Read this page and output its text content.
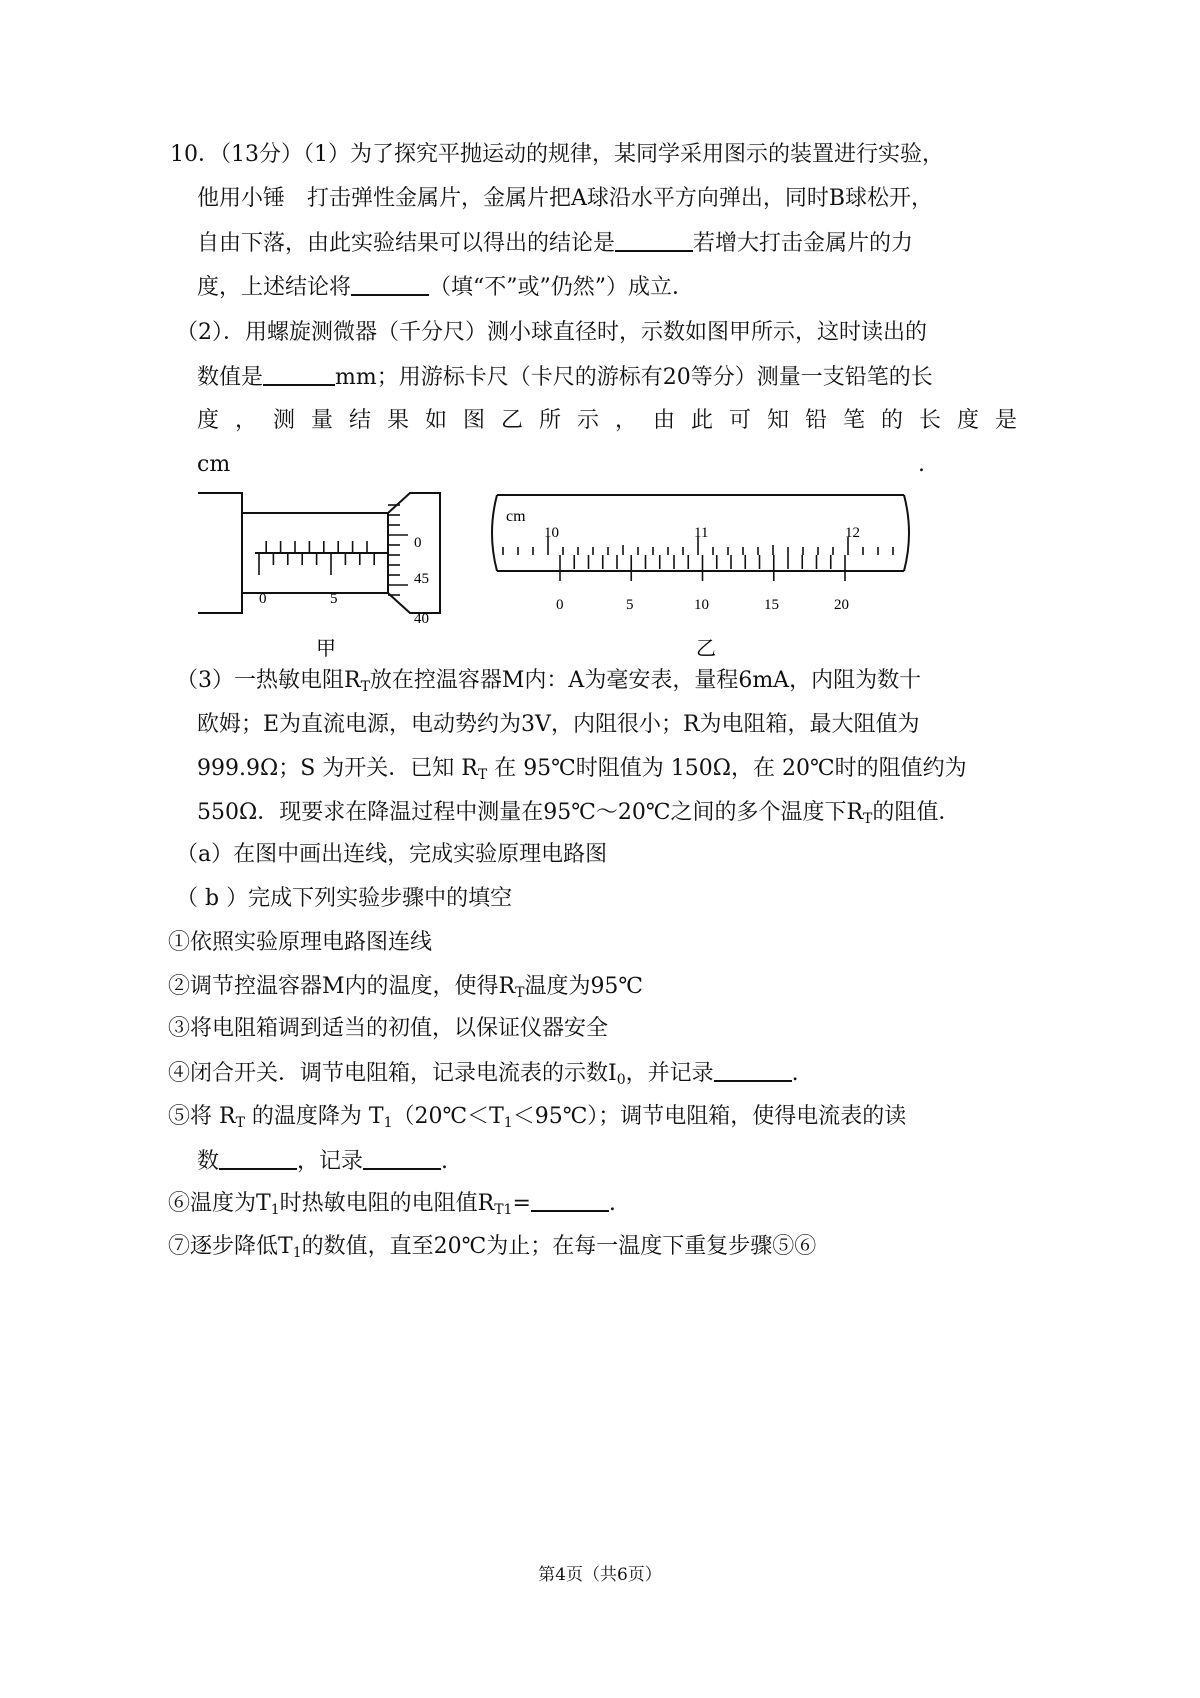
10．（13分）（1）为了探究平抛运动的规律，某同学采用图示的装置进行实验，
他用小锤　打击弹性金属片，金属片把A球沿水平方向弹出，同时B球松开，
自由下落，由此实验结果可以得出的结论是	若增大打击金属片的力
度，上述结论将	（填“不”或”仍然”）成立．
（2）．用螺旋测微器（千分尺）测小球直径时，示数如图甲所示，这时读出的
数值是	mm；用游标卡尺（卡尺的游标有20等分）测量一支铅笔的长
度，测量结果如图乙所示，由此可知铅笔的长度是
cm	.
0	5
0
45
40
甲
cm
10	11	12
0	5	10	15	20
乙
（3）一热敏电阻$R_T$放在控温容器M内：A为毫安表，量程6mA，内阻为数十
欧姆；E为直流电源，电动势约为3V，内阻很小；R为电阻箱，最大阻值为
999.9Ω；S 为开关．已知 $R_T$ 在 95℃时阻值为 150Ω，在 20℃时的阻值约为
550Ω．现要求在降温过程中测量在95℃～20℃之间的多个温度下$R_T$的阻值．
（a）在图中画出连线，完成实验原理电路图
（ b ）完成下列实验步骤中的填空
①依照实验原理电路图连线
②调节控温容器M内的温度，使得$R_T$温度为95℃
③将电阻箱调到适当的初值，以保证仪器安全
④闭合开关．调节电阻箱，记录电流表的示数$I_0$，并记录	.
⑤将 $R_T$ 的温度降为 $T_1(20℃<T_1<95℃)$；调节电阻箱，使得电流表的读
数	，记录	.
⑥温度为$T_1$时热敏电阻的电阻值$R_{T1}=$	.
⑦逐步降低$T_1$的数值，直至20℃为止；在每一温度下重复步骤⑤⑥
第4页（共6页）
